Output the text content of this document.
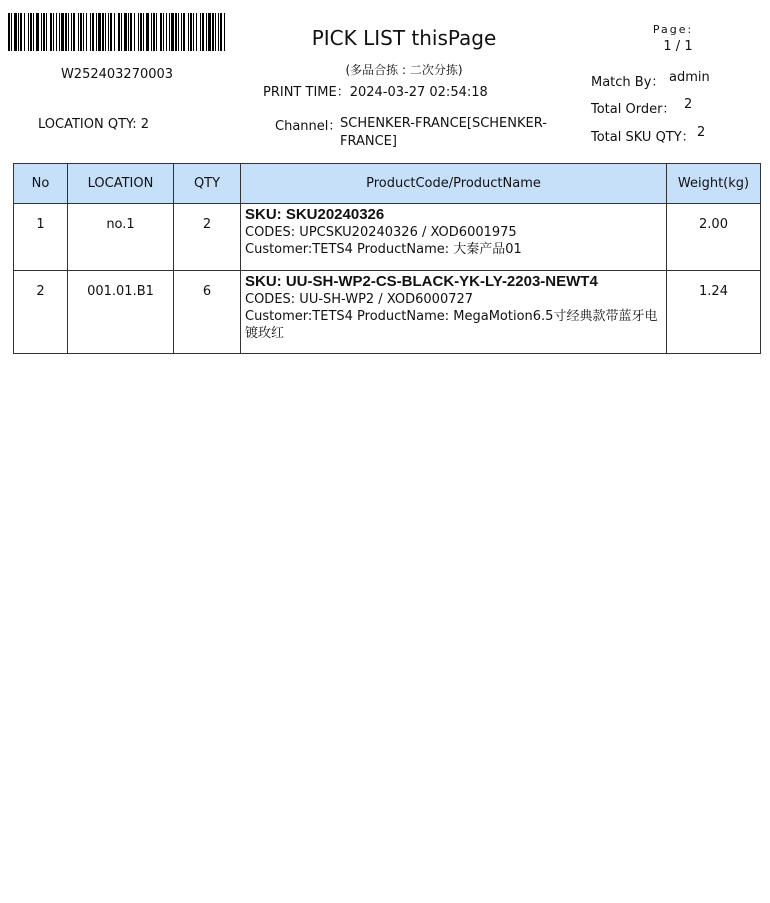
W252403270003
PICK LIST thisPage
(多品合拣 : 二次分拣)
PRINT TIME：2024-03-27 02:54:18
Page:
1 / 1
LOCATION QTY: 2	Channel：
SCHENKER-FRANCE[SCHENKER-FRANCE]
Match By： admin
Total Order： 2
Total SKU QTY： 2
No	LOCATION	QTY	ProductCode/ProductName	Weight(kg)
1	no.1	2	SKU: SKU20240326
CODES: UPCSKU20240326 / XOD6001975
Customer:TETS4 ProductName: 大秦产品01	2.00
2	001.01.B1	6	SKU: UU-SH-WP2-CS-BLACK-YK-LY-2203-NEWT4
CODES: UU-SH-WP2 / XOD6000727
Customer:TETS4 ProductName: MegaMotion6.5寸经典款带蓝牙电镀玫红	1.24
